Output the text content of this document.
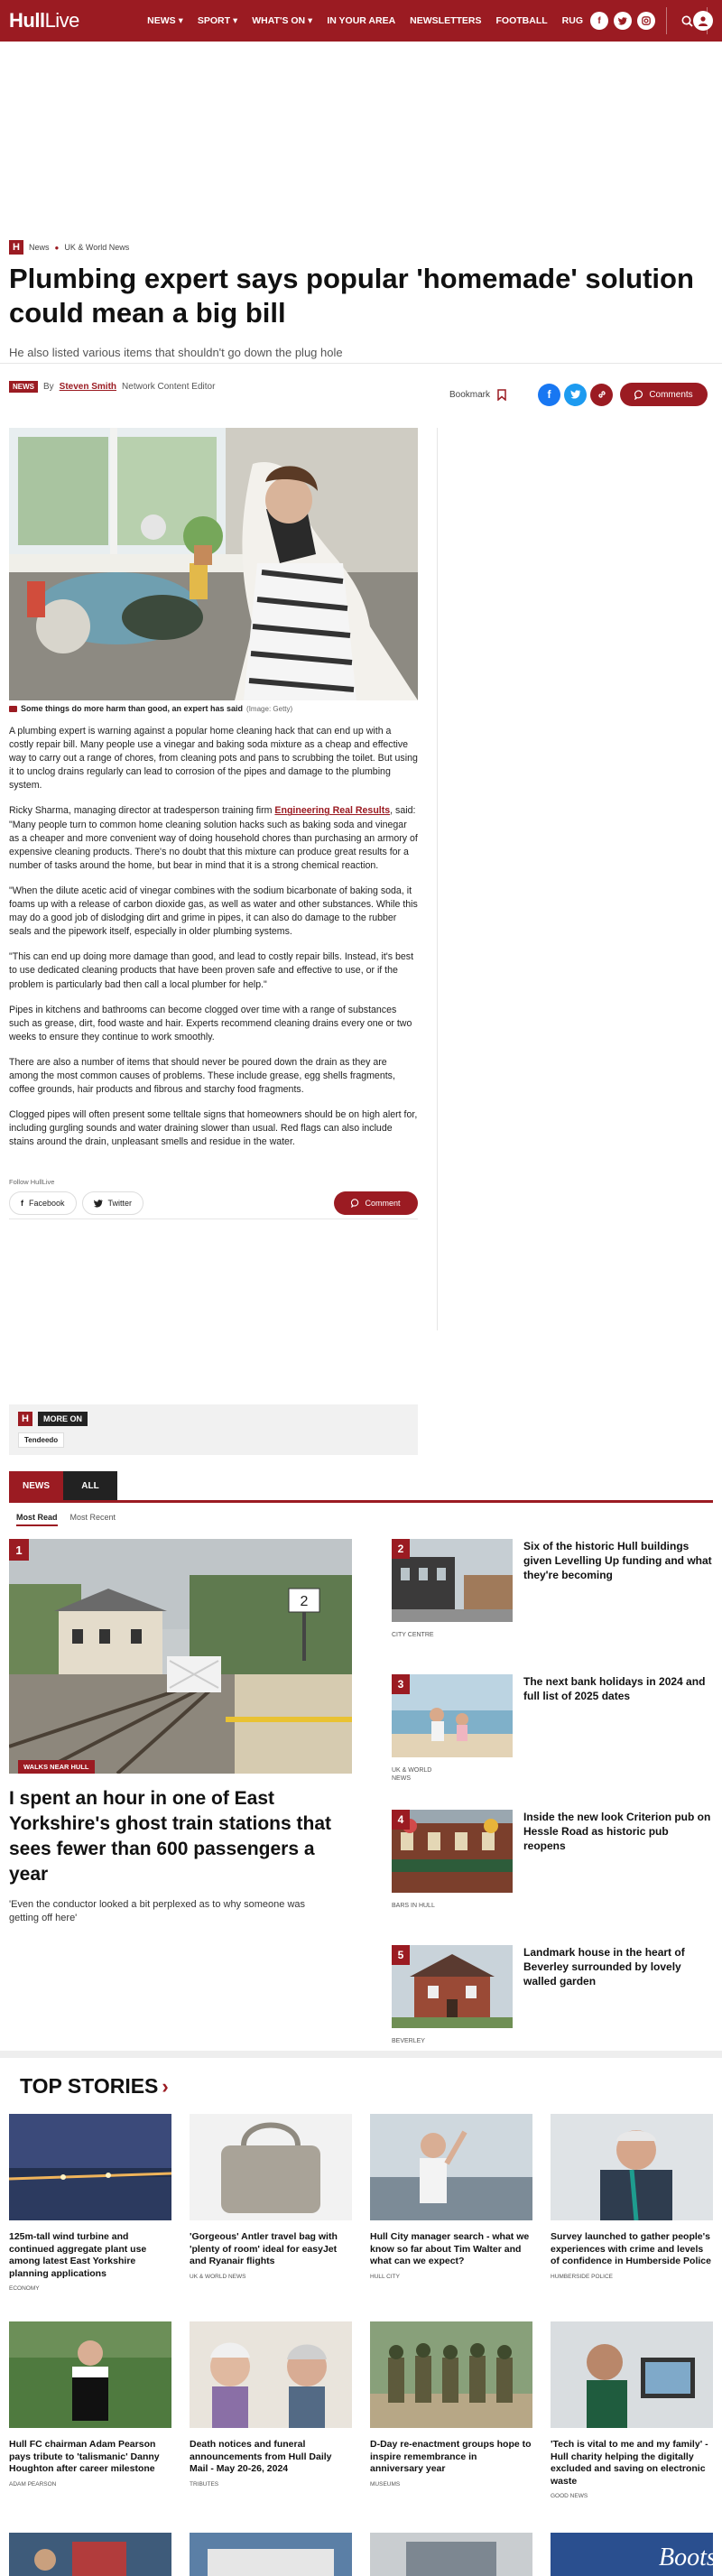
HullLive	NEWS ▾	SPORT ▾	WHAT'S ON ▾	IN YOUR AREA	NEWSLETTERS	FOOTBALL	RUG	f
H	News ● UK & World News
Plumbing expert says popular 'homemade' solution could mean a big bill
He also listed various items that shouldn't go down the plug hole
NEWS	By Steven Smith Network Content Editor
Bookmark	f	Comments
Some things do more harm than good, an expert has said (Image: Getty)

A plumbing expert is warning against a popular home cleaning hack that can end up with a costly repair bill. Many people use a vinegar and baking soda mixture as a cheap and effective way to carry out a range of chores, from cleaning pots and pans to scrubbing the toilet. But using it to unclog drains regularly can lead to corrosion of the pipes and damage to the plumbing system.

Ricky Sharma, managing director at tradesperson training firm Engineering Real Results, said: "Many people turn to common home cleaning solution hacks such as baking soda and vinegar as a cheaper and more convenient way of doing household chores than purchasing an armory of expensive cleaning products. There's no doubt that this mixture can produce great results for a number of tasks around the home, but bear in mind that it is a strong chemical reaction.

"When the dilute acetic acid of vinegar combines with the sodium bicarbonate of baking soda, it foams up with a release of carbon dioxide gas, as well as water and other substances. While this may do a good job of dislodging dirt and grime in pipes, it can also do damage to the rubber seals and the pipework itself, especially in older plumbing systems.

"This can end up doing more damage than good, and lead to costly repair bills. Instead, it's best to use dedicated cleaning products that have been proven safe and effective to use, or if the problem is particularly bad then call a local plumber for help."

Pipes in kitchens and bathrooms can become clogged over time with a range of substances such as grease, dirt, food waste and hair. Experts recommend cleaning drains every one or two weeks to ensure they continue to work smoothly.

There are also a number of items that should never be poured down the drain as they are among the most common causes of problems. These include grease, egg shells fragments, coffee grounds, hair products and fibrous and starchy food fragments.

Clogged pipes will often present some telltale signs that homeowners should be on high alert for, including gurgling sounds and water draining slower than usual. Red flags can also include stains around the drain, unpleasant smells and residue in the water.

Follow HullLive
f Facebook	Twitter	Comment
H	MORE ON
Tendeedo
NEWS	ALL
Most Read Most Recent
2
1
WALKS NEAR HULL
I spent an hour in one of East Yorkshire's ghost train stations that sees fewer than 600 passengers a year
'Even the conductor looked a bit perplexed as to why someone was getting off here'
2
CITY CENTRE
Six of the historic Hull buildings given Levelling Up funding and what they're becoming
3
UK & WORLD NEWS
The next bank holidays in 2024 and full list of 2025 dates
4
BARS IN HULL
Inside the new look Criterion pub on Hessle Road as historic pub reopens
5
BEVERLEY
Landmark house in the heart of Beverley surrounded by lovely walled garden
TOP STORIES ›
125m-tall wind turbine and continued aggregate plant use among latest East Yorkshire planning applications
ECONOMY
'Gorgeous' Antler travel bag with 'plenty of room' ideal for easyJet and Ryanair flights
UK & WORLD NEWS
Hull City manager search - what we know so far about Tim Walter and what can we expect?
HULL CITY
Survey launched to gather people's experiences with crime and levels of confidence in Humberside Police
HUMBERSIDE POLICE
Hull FC chairman Adam Pearson pays tribute to 'talismanic' Danny Houghton after career milestone
ADAM PEARSON
Death notices and funeral announcements from Hull Daily Mail - May 20-26, 2024
TRIBUTES
D-Day re-enactment groups hope to inspire remembrance in anniversary year
MUSEUMS
'Tech is vital to me and my family' - Hull charity helping the digitally excluded and saving on electronic waste
GOOD NEWS
Boots
